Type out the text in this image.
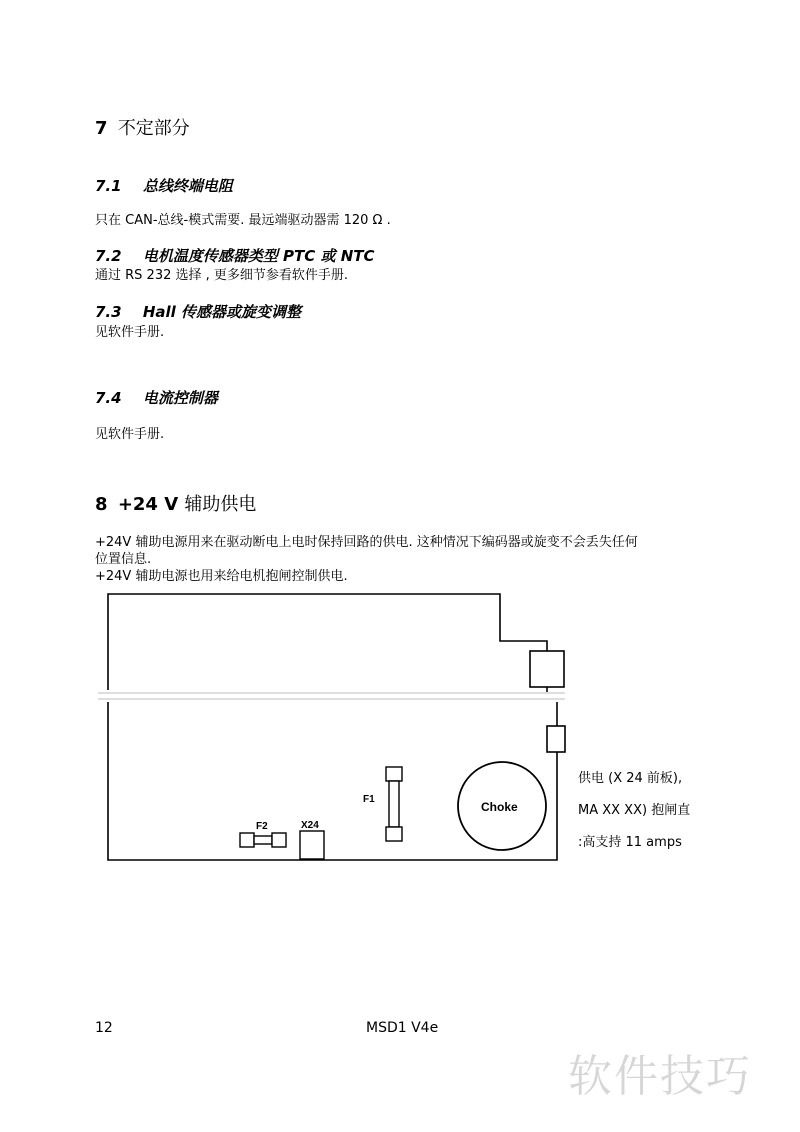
7 不定部分
7.1 总线终端电阻
只在 CAN-总线-模式需要. 最远端驱动器需 120 Ω .
7.2 电机温度传感器类型 PTC 或 NTC
通过 RS 232 选择 , 更多细节参看软件手册.
7.3 Hall 传感器或旋变调整
见软件手册.
7.4 电流控制器
见软件手册.
8 +24 V 辅助供电
+24V 辅助电源用来在驱动断电上电时保持回路的供电. 这种情况下编码器或旋变不会丢失任何
位置信息.
+24V 辅助电源也用来给电机抱闸控制供电.
F1
F2	X24
Choke
供电 (X 24 前板),
MA XX XX) 抱闸直
:高支持 11 amps
12	MSD1 V4e
软件技巧
